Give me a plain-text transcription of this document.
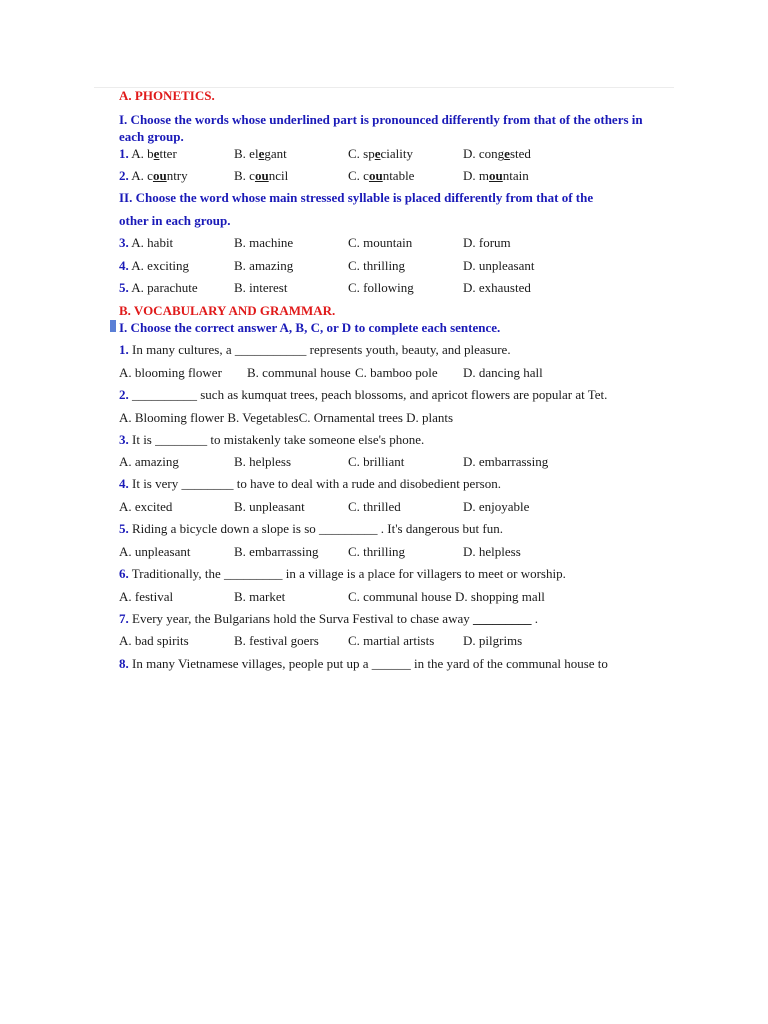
A. PHONETICS.
I. Choose the words whose underlined part is pronounced differently from that of the others in each group.
1. A. better	B. elegant	C. speciality	D. congested
2. A. country	B. council	C. countable	D. mountain
II. Choose the word whose main stressed syllable is placed differently from that of the
other in each group.
3. A. habit	B. machine	C. mountain	D. forum
4. A. exciting	B. amazing	C. thrilling	D. unpleasant
5. A. parachute	B. interest	C. following	D. exhausted
B. VOCABULARY AND GRAMMAR.
I. Choose the correct answer A, B, C, or D to complete each sentence.
1. In many cultures, a ___________ represents youth, beauty, and pleasure.
A. blooming flower B. communal house C. bamboo pole D. dancing hall
2. __________ such as kumquat trees, peach blossoms, and apricot flowers are popular at Tet.
A. Blooming flower B. VegetablesC. Ornamental trees D. plants
3. It is ________ to mistakenly take someone else's phone.
A. amazing	B. helpless	C. brilliant	D. embarrassing
4. It is very ________ to have to deal with a rude and disobedient person.
A. excited	B. unpleasant	C. thrilled	D. enjoyable
5. Riding a bicycle down a slope is so _________ . It's dangerous but fun.
A. unpleasant	B. embarrassing C. thrilling	D. helpless
6. Traditionally, the _________ in a village is a place for villagers to meet or worship.
A. festival	B. market	C. communal house D. shopping mall
7. Every year, the Bulgarians hold the Surva Festival to chase away _________ .
A. bad spirits	B. festival goers C. martial artists D. pilgrims
8. In many Vietnamese villages, people put up a ______ in the yard of the communal house to
